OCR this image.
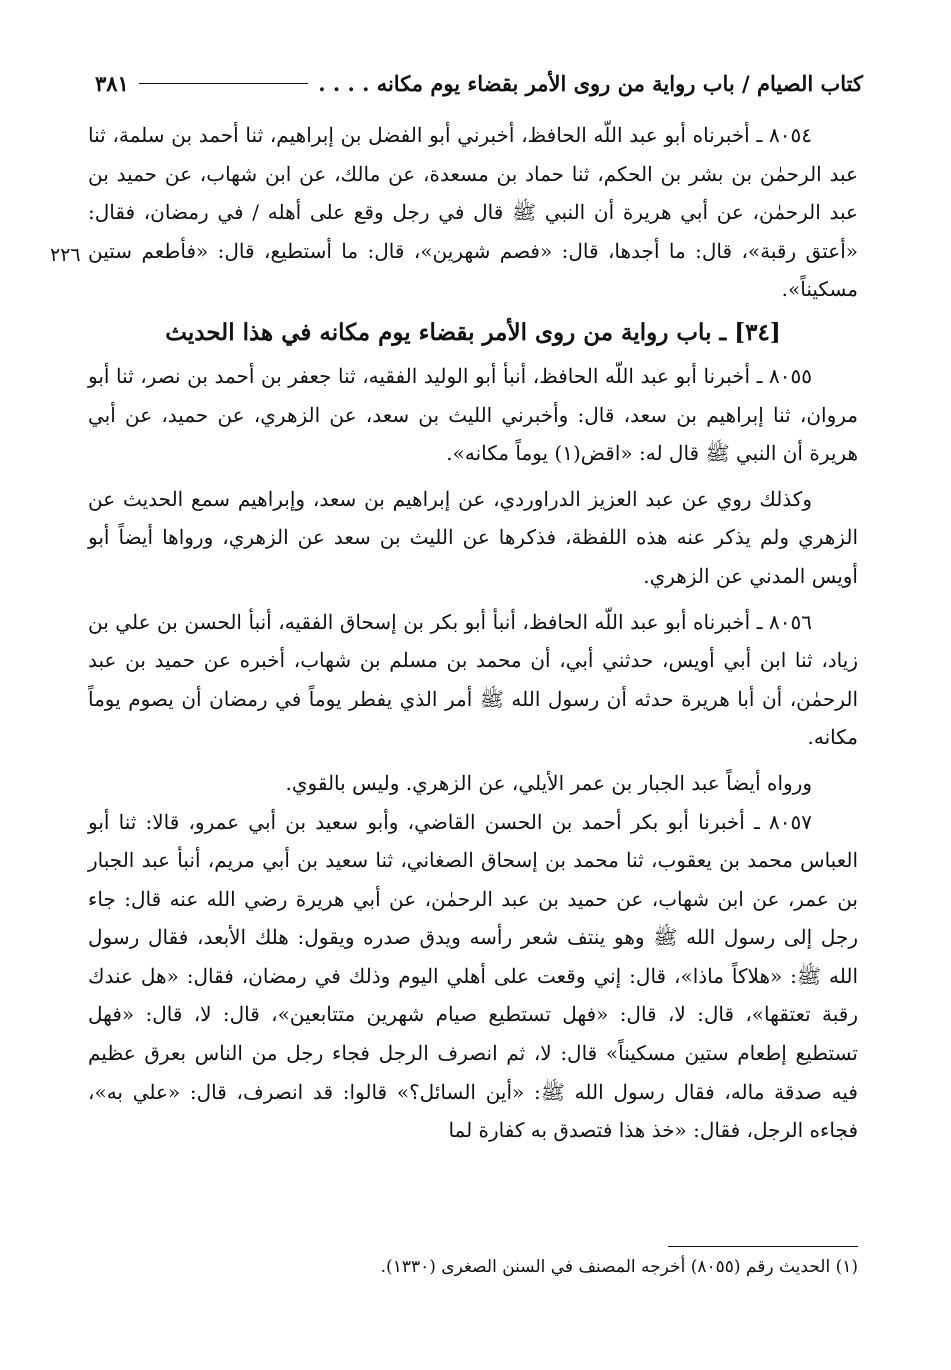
كتاب الصيام / باب رواية من روى الأمر بقضاء يوم مكانه . . . .
٣٨١
٢٢٦

٨٠٥٤ ـ أخبرناه أبو عبد اللّه الحافظ، أخبرني أبو الفضل بن إبراهيم، ثنا أحمد بن سلمة، ثنا عبد الرحمٰن بن بشر بن الحكم، ثنا حماد بن مسعدة، عن مالك، عن ابن شهاب، عن حميد بن عبد الرحمٰن، عن أبي هريرة أن النبي ﷺ قال في رجل وقع على أهله / في رمضان، فقال: «أعتق رقبة»، قال: ما أجدها، قال: «فصم شهرين»، قال: ما أستطيع، قال: «فأطعم ستين مسكيناً».

[٣٤] ـ باب رواية من روى الأمر بقضاء يوم مكانه في هذا الحديث

٨٠٥٥ ـ أخبرنا أبو عبد اللّه الحافظ، أنبأ أبو الوليد الفقيه، ثنا جعفر بن أحمد بن نصر، ثنا أبو مروان، ثنا إبراهيم بن سعد، قال: وأخبرني الليث بن سعد، عن الزهري، عن حميد، عن أبي هريرة أن النبي ﷺ قال له: «اقض(١) يوماً مكانه».

وكذلك روي عن عبد العزيز الدراوردي، عن إبراهيم بن سعد، وإبراهيم سمع الحديث عن الزهري ولم يذكر عنه هذه اللفظة، فذكرها عن الليث بن سعد عن الزهري، ورواها أيضاً أبو أويس المدني عن الزهري.

٨٠٥٦ ـ أخبرناه أبو عبد اللّه الحافظ، أنبأ أبو بكر بن إسحاق الفقيه، أنبأ الحسن بن علي بن زياد، ثنا ابن أبي أويس، حدثني أبي، أن محمد بن مسلم بن شهاب، أخبره عن حميد بن عبد الرحمٰن، أن أبا هريرة حدثه أن رسول الله ﷺ أمر الذي يفطر يوماً في رمضان أن يصوم يوماً مكانه.

ورواه أيضاً عبد الجبار بن عمر الأيلي، عن الزهري. وليس بالقوي.

٨٠٥٧ ـ أخبرنا أبو بكر أحمد بن الحسن القاضي، وأبو سعيد بن أبي عمرو، قالا: ثنا أبو العباس محمد بن يعقوب، ثنا محمد بن إسحاق الصغاني، ثنا سعيد بن أبي مريم، أنبأ عبد الجبار بن عمر، عن ابن شهاب، عن حميد بن عبد الرحمٰن، عن أبي هريرة رضي الله عنه قال: جاء رجل إلى رسول الله ﷺ وهو ينتف شعر رأسه ويدق صدره ويقول: هلك الأبعد، فقال رسول الله ﷺ: «هلاكاً ماذا»، قال: إني وقعت على أهلي اليوم وذلك في رمضان، فقال: «هل عندك رقبة تعتقها»، قال: لا، قال: «فهل تستطيع صيام شهرين متتابعين»، قال: لا، قال: «فهل تستطيع إطعام ستين مسكيناً» قال: لا، ثم انصرف الرجل فجاء رجل من الناس بعرق عظيم فيه صدقة ماله، فقال رسول الله ﷺ: «أين السائل؟» قالوا: قد انصرف، قال: «علي به»، فجاءه الرجل، فقال: «خذ هذا فتصدق به كفارة لما

(١) الحديث رقم (٨٠٥٥) أخرجه المصنف في السنن الصغرى (١٣٣٠).
